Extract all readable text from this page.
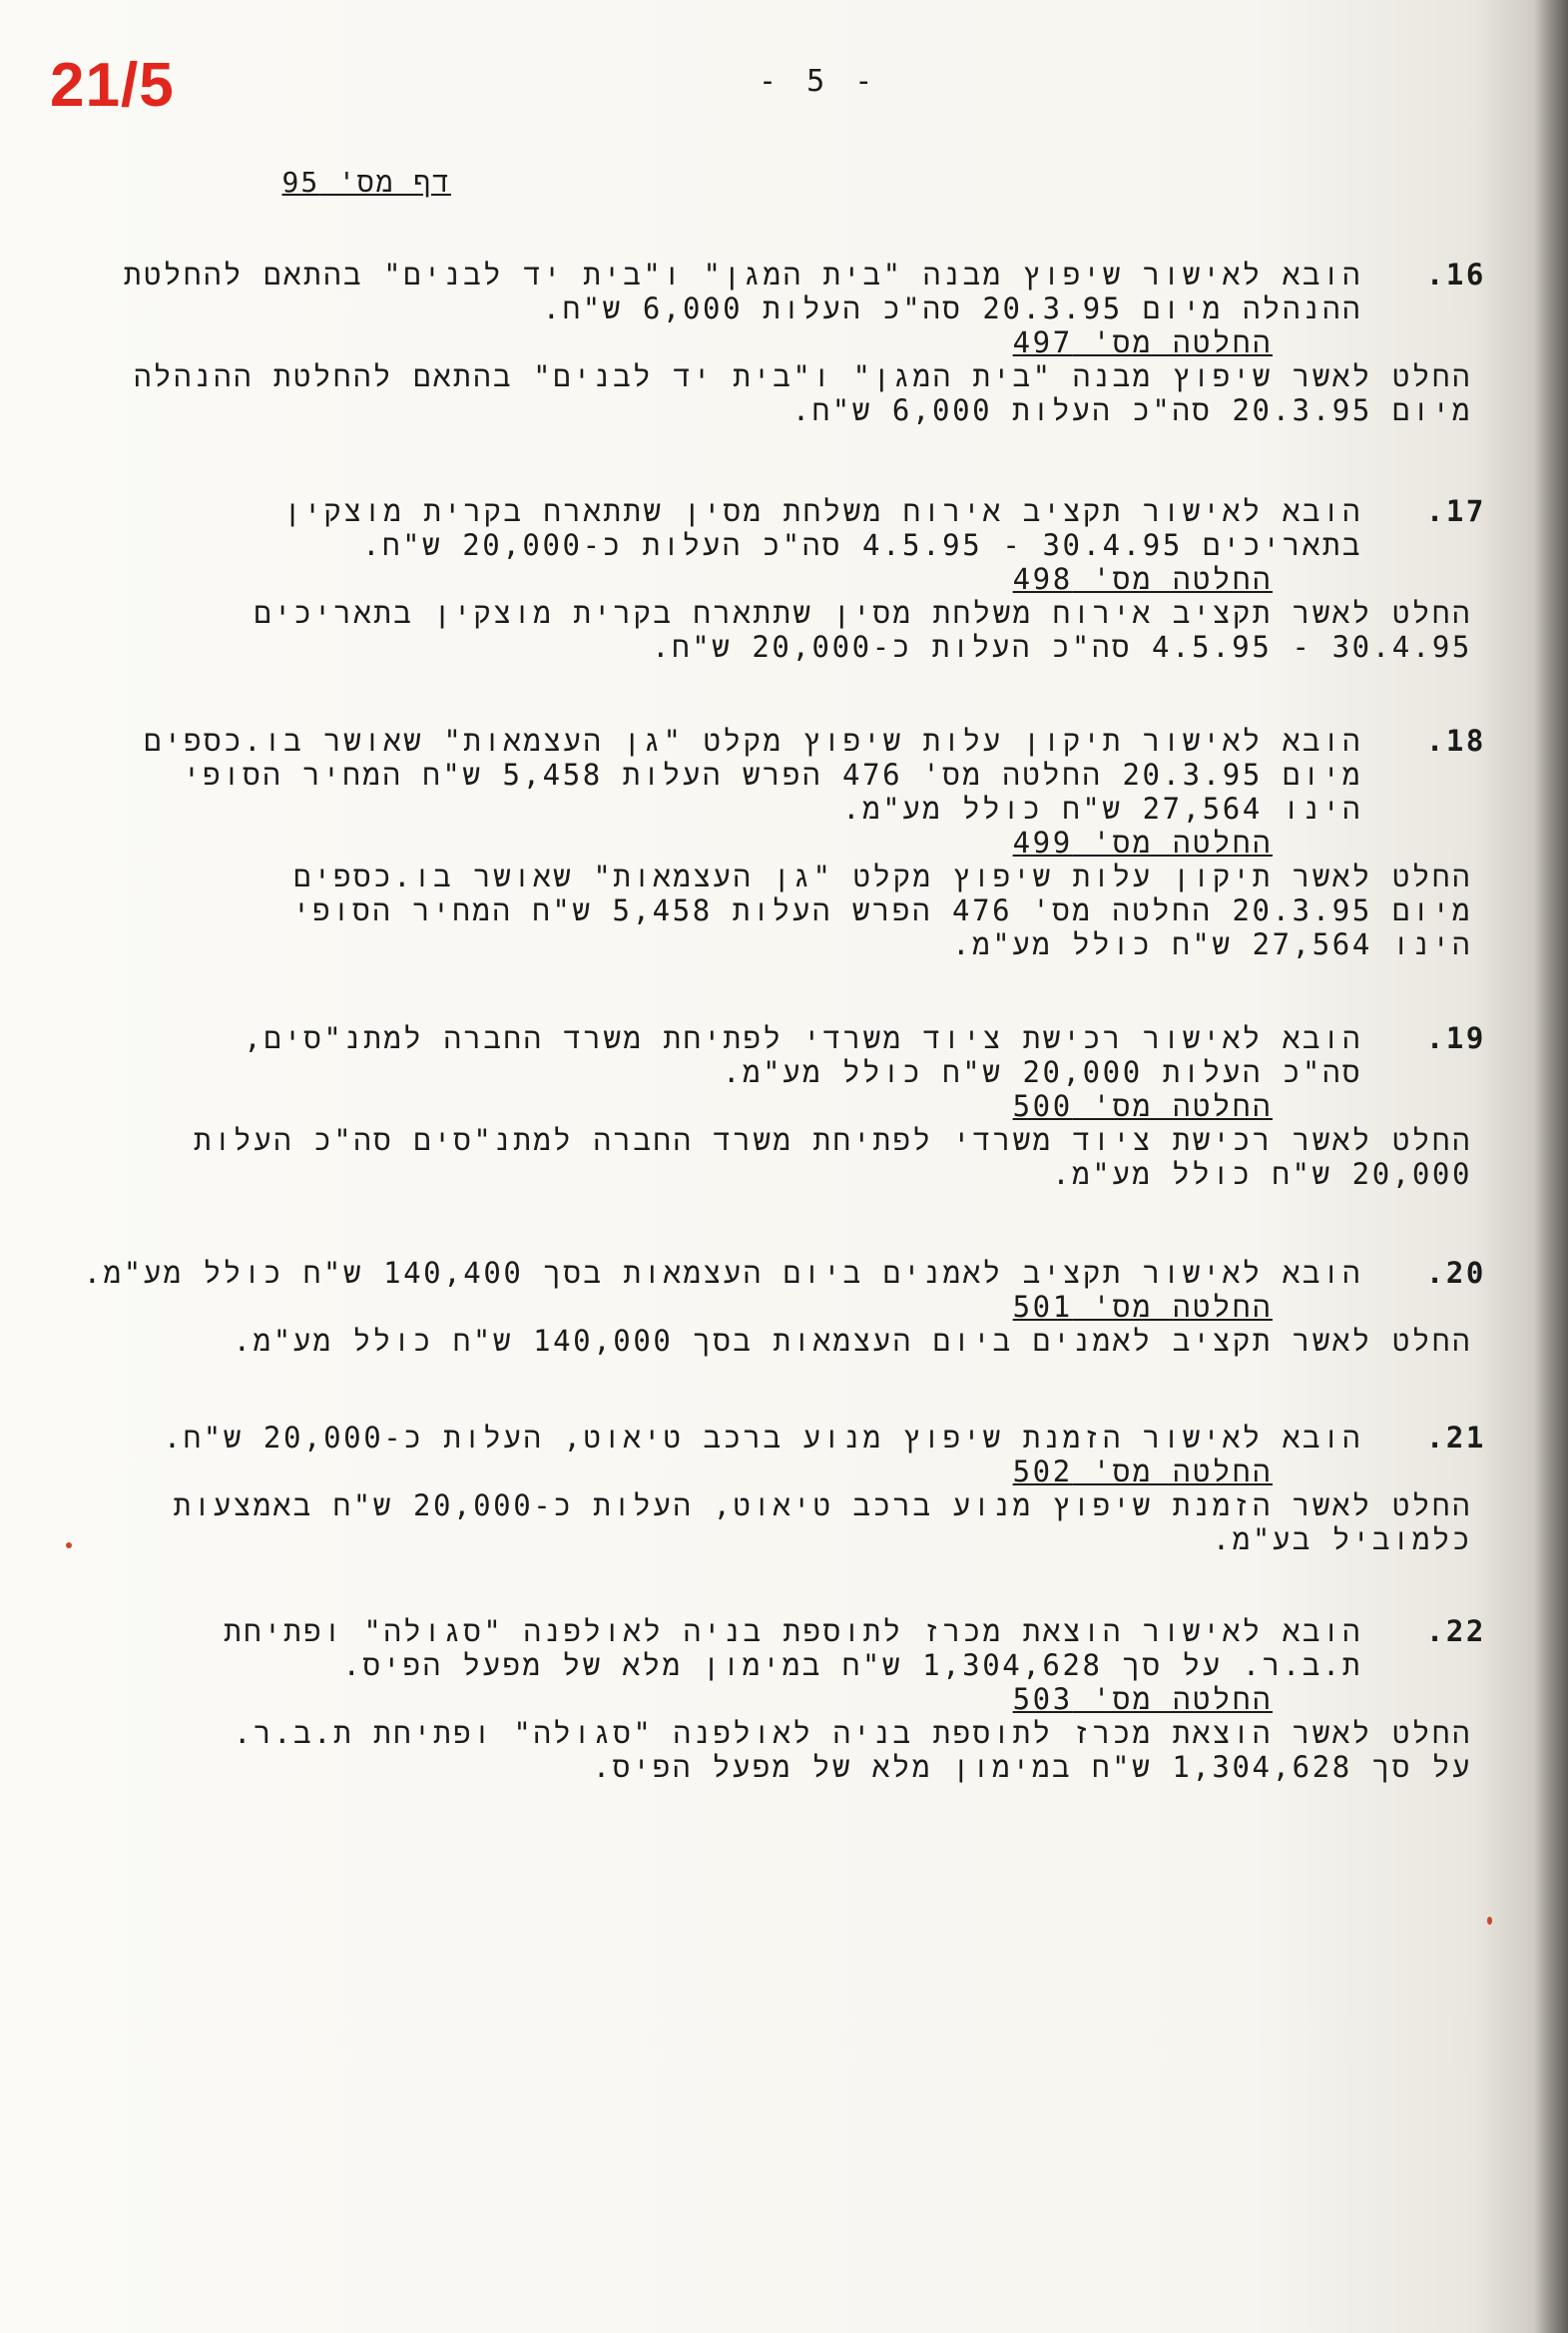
21/5	- 5 -
דף מס' 95
.16
הובא לאישור שיפוץ מבנה "בית המגן" ו"בית יד לבנים" בהתאם להחלטת
ההנהלה מיום 20.3.95 סה"כ העלות 6,000 ש"ח.
החלטה מס' 497
החלט לאשר שיפוץ מבנה "בית המגן" ו"בית יד לבנים" בהתאם להחלטת ההנהלה
מיום 20.3.95 סה"כ העלות 6,000 ש"ח.
.17
הובא לאישור תקציב אירוח משלחת מסין שתתארח בקרית מוצקין
בתאריכים 30.4.95 - 4.5.95 סה"כ העלות כ-20,000 ש"ח.
החלטה מס' 498
החלט לאשר תקציב אירוח משלחת מסין שתתארח בקרית מוצקין בתאריכים
30.4.95 - 4.5.95 סה"כ העלות כ-20,000 ש"ח.
.18
הובא לאישור תיקון עלות שיפוץ מקלט "גן העצמאות" שאושר בו.כספים
מיום 20.3.95 החלטה מס' 476 הפרש העלות 5,458 ש"ח המחיר הסופי
הינו 27,564 ש"ח כולל מע"מ.
החלטה מס' 499
החלט לאשר תיקון עלות שיפוץ מקלט "גן העצמאות" שאושר בו.כספים
מיום 20.3.95 החלטה מס' 476 הפרש העלות 5,458 ש"ח המחיר הסופי
הינו 27,564 ש"ח כולל מע"מ.
.19
הובא לאישור רכישת ציוד משרדי לפתיחת משרד החברה למתנ"סים,
סה"כ העלות 20,000 ש"ח כולל מע"מ.
החלטה מס' 500
החלט לאשר רכישת ציוד משרדי לפתיחת משרד החברה למתנ"סים סה"כ העלות
20,000 ש"ח כולל מע"מ.
.20
הובא לאישור תקציב לאמנים ביום העצמאות בסך 140,400 ש"ח כולל מע"מ.
החלטה מס' 501
החלט לאשר תקציב לאמנים ביום העצמאות בסך 140,000 ש"ח כולל מע"מ.
.21
הובא לאישור הזמנת שיפוץ מנוע ברכב טיאוט, העלות כ-20,000 ש"ח.
החלטה מס' 502
החלט לאשר הזמנת שיפוץ מנוע ברכב טיאוט, העלות כ-20,000 ש"ח באמצעות
כלמוביל בע"מ.
.22
הובא לאישור הוצאת מכרז לתוספת בניה לאולפנה "סגולה" ופתיחת
ת.ב.ר. על סך 1,304,628 ש"ח במימון מלא של מפעל הפיס.
החלטה מס' 503
החלט לאשר הוצאת מכרז לתוספת בניה לאולפנה "סגולה" ופתיחת ת.ב.ר.
על סך 1,304,628 ש"ח במימון מלא של מפעל הפיס.
